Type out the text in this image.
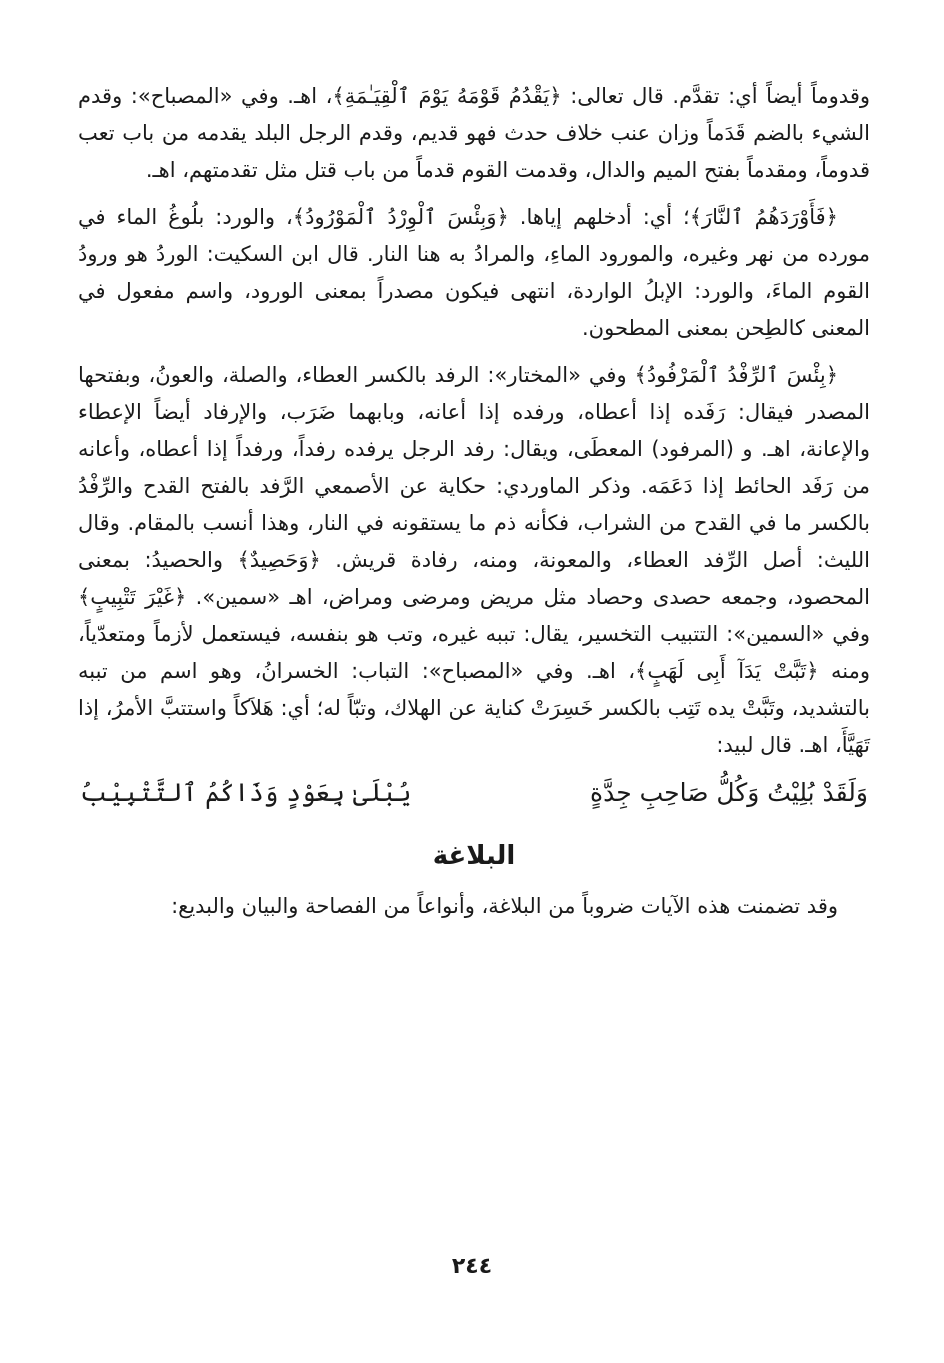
وقدوماً أيضاً أي: تقدَّم. قال تعالى: ﴿يَقْدُمُ قَوْمَهُ يَوْمَ ٱلْقِيَـٰمَةِ﴾، اهـ. وفي «المصباح»: وقدم الشيء بالضم قَدَماً وزان عنب خلاف حدث فهو قديم، وقدم الرجل البلد يقدمه من باب تعب قدوماً، ومقدماً بفتح الميم والدال، وقدمت القوم قدماً من باب قتل مثل تقدمتهم، اهـ.

﴿فَأَوْرَدَهُمُ ٱلنَّارَ﴾؛ أي: أدخلهم إياها. ﴿وَبِئْسَ ٱلْوِرْدُ ٱلْمَوْرُودُ﴾، والورد: بلُوغُ الماء في مورده من نهر وغيره، والمورود الماءِ، والمرادُ به هنا النار. قال ابن السكيت: الوردُ هو ورودُ القوم الماءَ، والورد: الإبلُ الواردة، انتهى فيكون مصدراً بمعنى الورود، واسم مفعول في المعنى كالطِحن بمعنى المطحون.

﴿بِئْسَ ٱلرِّفْدُ ٱلْمَرْفُودُ﴾ وفي «المختار»: الرفد بالكسر العطاء، والصلة، والعونُ، وبفتحها المصدر فيقال: رَفَده إذا أعطاه، ورفده إذا أعانه، وبابهما ضَرَب، والإرفاد أيضاً الإعطاء والإعانة، اهـ. و (المرفود) المعطَى، ويقال: رفد الرجل يرفده رفداً، ورفداً إذا أعطاه، وأعانه من رَفَد الحائط إذا دَعَمَه. وذكر الماوردي: حكاية عن الأصمعي الرَّفد بالفتح القدح والرِّفْدُ بالكسر ما في القدح من الشراب، فكأنه ذم ما يستقونه في النار، وهذا أنسب بالمقام. وقال الليث: أصل الرِّفد العطاء، والمعونة، ومنه، رفادة قريش. ﴿وَحَصِيدٌ﴾ والحصيدُ: بمعنى المحصود، وجمعه حصدى وحصاد مثل مريض ومرضى ومراض، اهـ «سمين». ﴿غَيْرَ تَتْبِيبٍ﴾ وفي «السمين»: التتبيب التخسير، يقال: تببه غيره، وتب هو بنفسه، فيستعمل لأزماً ومتعدّياً، ومنه ﴿تَبَّتْ يَدَآ أَبِى لَهَبٍ﴾، اهـ. وفي «المصباح»: التباب: الخسرانُ، وهو اسم من تببه بالتشديد، وتَبَّتْ يده تَتِب بالكسر خَسِرَتْ كناية عن الهلاك، وتبّاً له؛ أي: هَلاَكاً واستتبَّ الأمرُ، إذا تَهَيَّأَ، اهـ. قال لبيد:

وَلَقَدْ بُلِيْتُ وَكُلُّ صَاحِبِ جِدَّةٍ
يُبْلَىٰ بِعَوْدٍ وَذَاكُمُ ٱلتَّتْبِيْبُ
البلاغة

وقد تضمنت هذه الآيات ضروباً من البلاغة، وأنواعاً من الفصاحة والبيان والبديع:

٢٤٤
